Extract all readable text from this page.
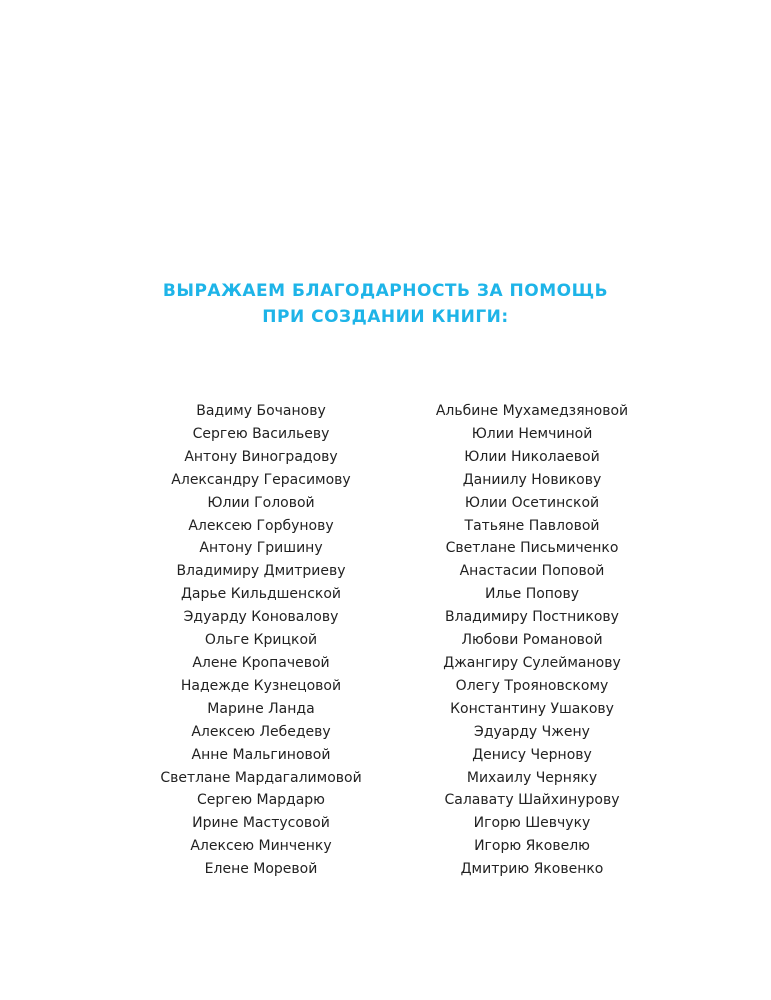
ВЫРАЖАЕМ БЛАГОДАРНОСТЬ ЗА ПОМОЩЬ
ПРИ СОЗДАНИИ КНИГИ:
Вадиму Бочанову
Сергею Васильеву
Антону Виноградову
Александру Герасимову
Юлии Головой
Алексею Горбунову
Антону Гришину
Владимиру Дмитриеву
Дарье Кильдшенской
Эдуарду Коновалову
Ольге Крицкой
Алене Кропачевой
Надежде Кузнецовой
Марине Ланда
Алексею Лебедеву
Анне Мальгиновой
Светлане Мардагалимовой
Сергею Мардарю
Ирине Мастусовой
Алексею Минченку
Елене Моревой
Альбине Мухамедзяновой
Юлии Немчиной
Юлии Николаевой
Даниилу Новикову
Юлии Осетинской
Татьяне Павловой
Светлане Письмиченко
Анастасии Поповой
Илье Попову
Владимиру Постникову
Любови Романовой
Джангиру Сулейманову
Олегу Трояновскому
Константину Ушакову
Эдуарду Чжену
Денису Чернову
Михаилу Черняку
Салавату Шайхинурову
Игорю Шевчуку
Игорю Яковелю
Дмитрию Яковенко
